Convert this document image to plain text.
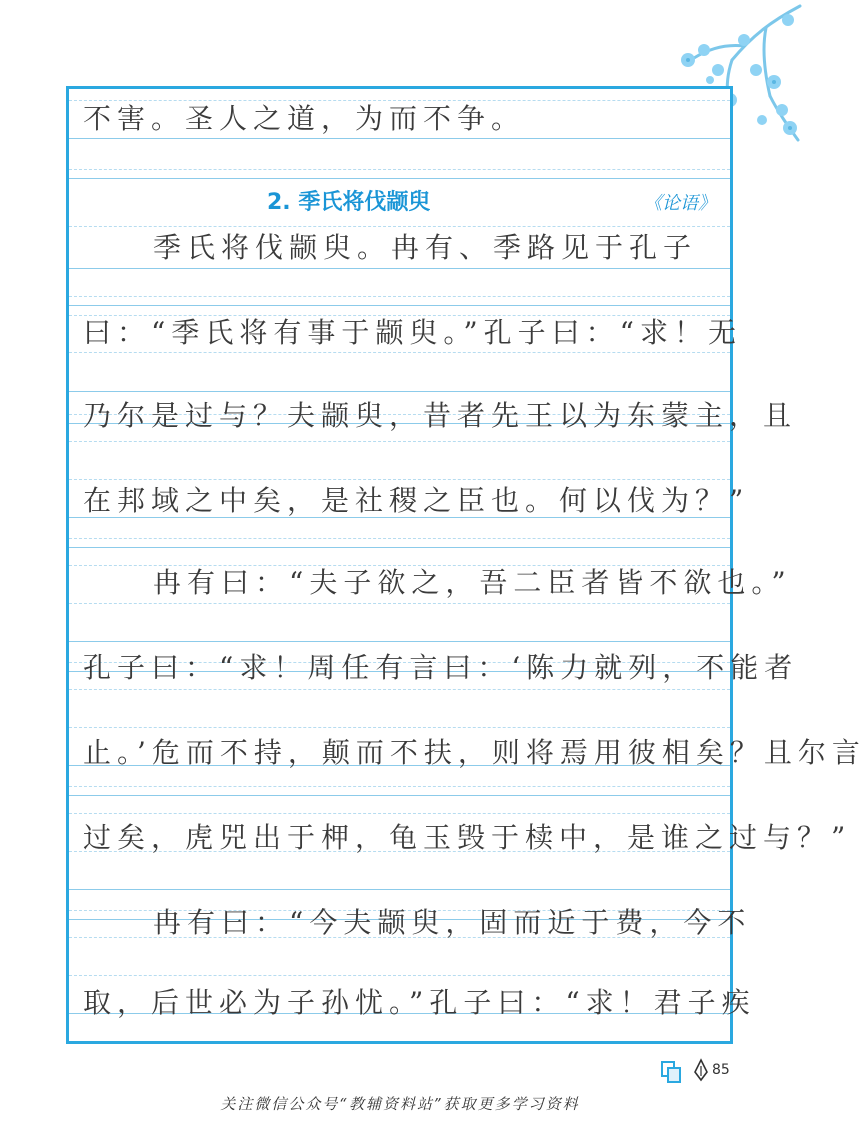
不害。圣人之道，为而不争。
2. 季氏将伐颛臾	《论语》
季氏将伐颛臾。冉有、季路见于孔子
曰：“季氏将有事于颛臾。”孔子曰：“求！无
乃尔是过与？夫颛臾，昔者先王以为东蒙主，且
在邦域之中矣，是社稷之臣也。何以伐为？”
冉有曰：“夫子欲之，吾二臣者皆不欲也。”
孔子曰：“求！周任有言曰：‘陈力就列，不能者
止。’危而不持，颠而不扶，则将焉用彼相矣？且尔言
过矣，虎兕出于柙，龟玉毁于椟中，是谁之过与？”
冉有曰：“今夫颛臾，固而近于费，今不
取，后世必为子孙忧。”孔子曰：“求！君子疾
85
关注微信公众号“教辅资料站”获取更多学习资料
